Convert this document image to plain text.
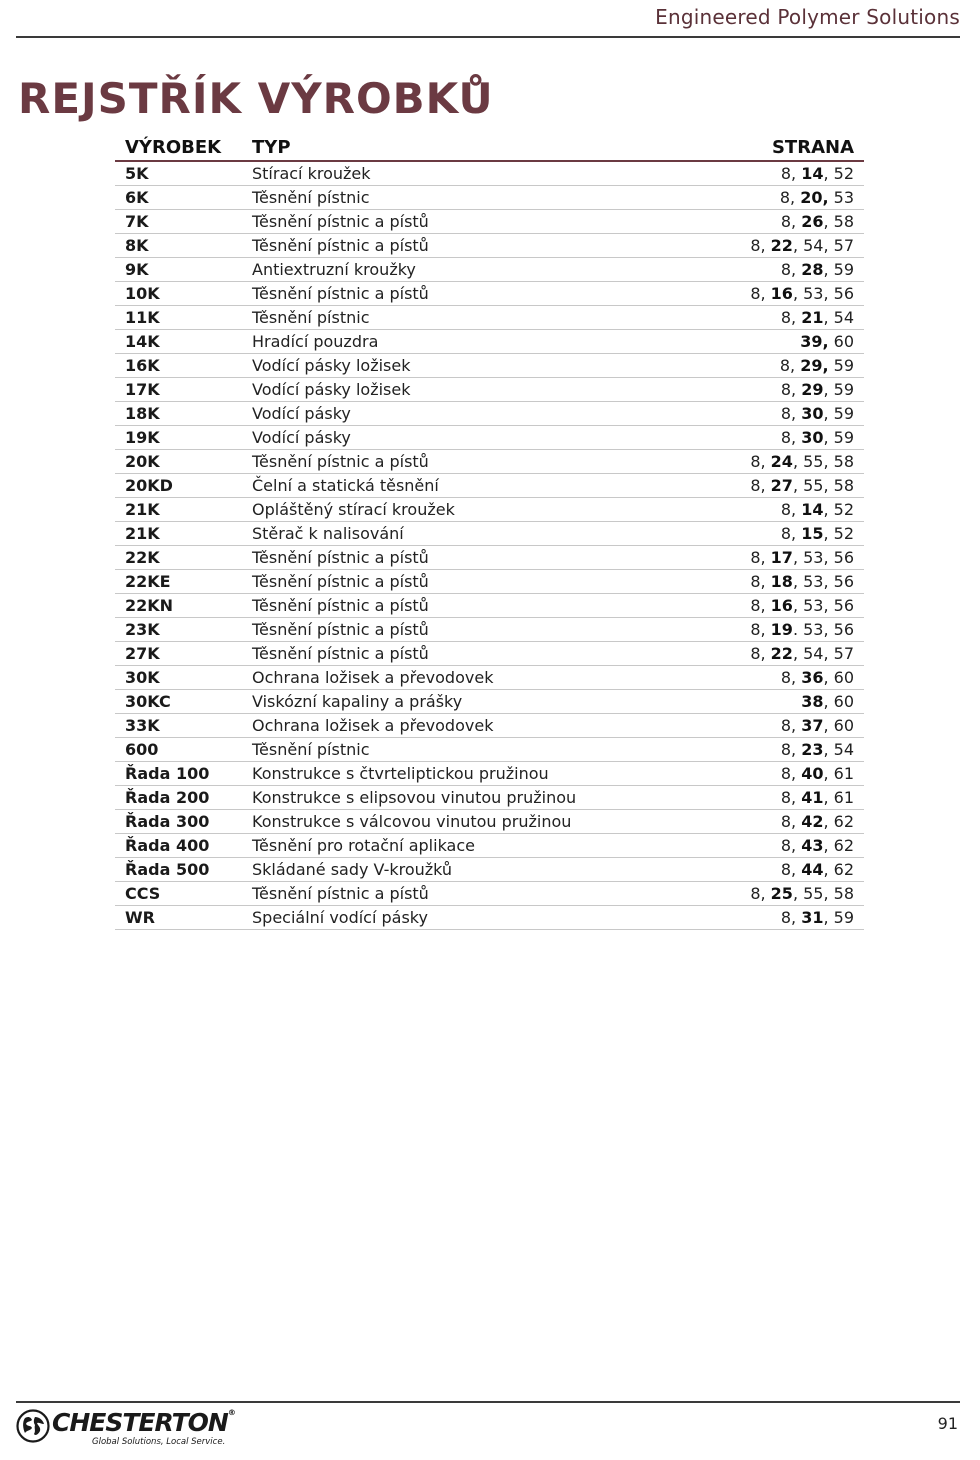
Engineered Polymer Solutions
REJSTŘÍK VÝROBKŮ
VÝROBEK	TYP	STRANA
5K	Stírací kroužek	8, 14, 52
6K	Těsnění pístnic	8, 20, 53
7K	Těsnění pístnic a pístů	8, 26, 58
8K	Těsnění pístnic a pístů	8, 22, 54, 57
9K	Antiextruzní kroužky	8, 28, 59
10K	Těsnění pístnic a pístů	8, 16, 53, 56
11K	Těsnění pístnic	8, 21, 54
14K	Hradící pouzdra	39, 60
16K	Vodící pásky ložisek	8, 29, 59
17K	Vodící pásky ložisek	8, 29, 59
18K	Vodící pásky	8, 30, 59
19K	Vodící pásky	8, 30, 59
20K	Těsnění pístnic a pístů	8, 24, 55, 58
20KD	Čelní a statická těsnění	8, 27, 55, 58
21K	Opláštěný stírací kroužek	8, 14, 52
21K	Stěrač k nalisování	8, 15, 52
22K	Těsnění pístnic a pístů	8, 17, 53, 56
22KE	Těsnění pístnic a pístů	8, 18, 53, 56
22KN	Těsnění pístnic a pístů	8, 16, 53, 56
23K	Těsnění pístnic a pístů	8, 19. 53, 56
27K	Těsnění pístnic a pístů	8, 22, 54, 57
30K	Ochrana ložisek a převodovek	8, 36, 60
30KC	Viskózní kapaliny a prášky	38, 60
33K	Ochrana ložisek a převodovek	8, 37, 60
600	Těsnění pístnic	8, 23, 54
Řada 100	Konstrukce s čtvrteliptickou pružinou	8, 40, 61
Řada 200	Konstrukce s elipsovou vinutou pružinou	8, 41, 61
Řada 300	Konstrukce s válcovou vinutou pružinou	8, 42, 62
Řada 400	Těsnění pro rotační aplikace	8, 43, 62
Řada 500	Skládané sady V-kroužků	8, 44, 62
CCS	Těsnění pístnic a pístů	8, 25, 55, 58
WR	Speciální vodící pásky	8, 31, 59
CHESTERTON®
Global Solutions, Local Service.
91
